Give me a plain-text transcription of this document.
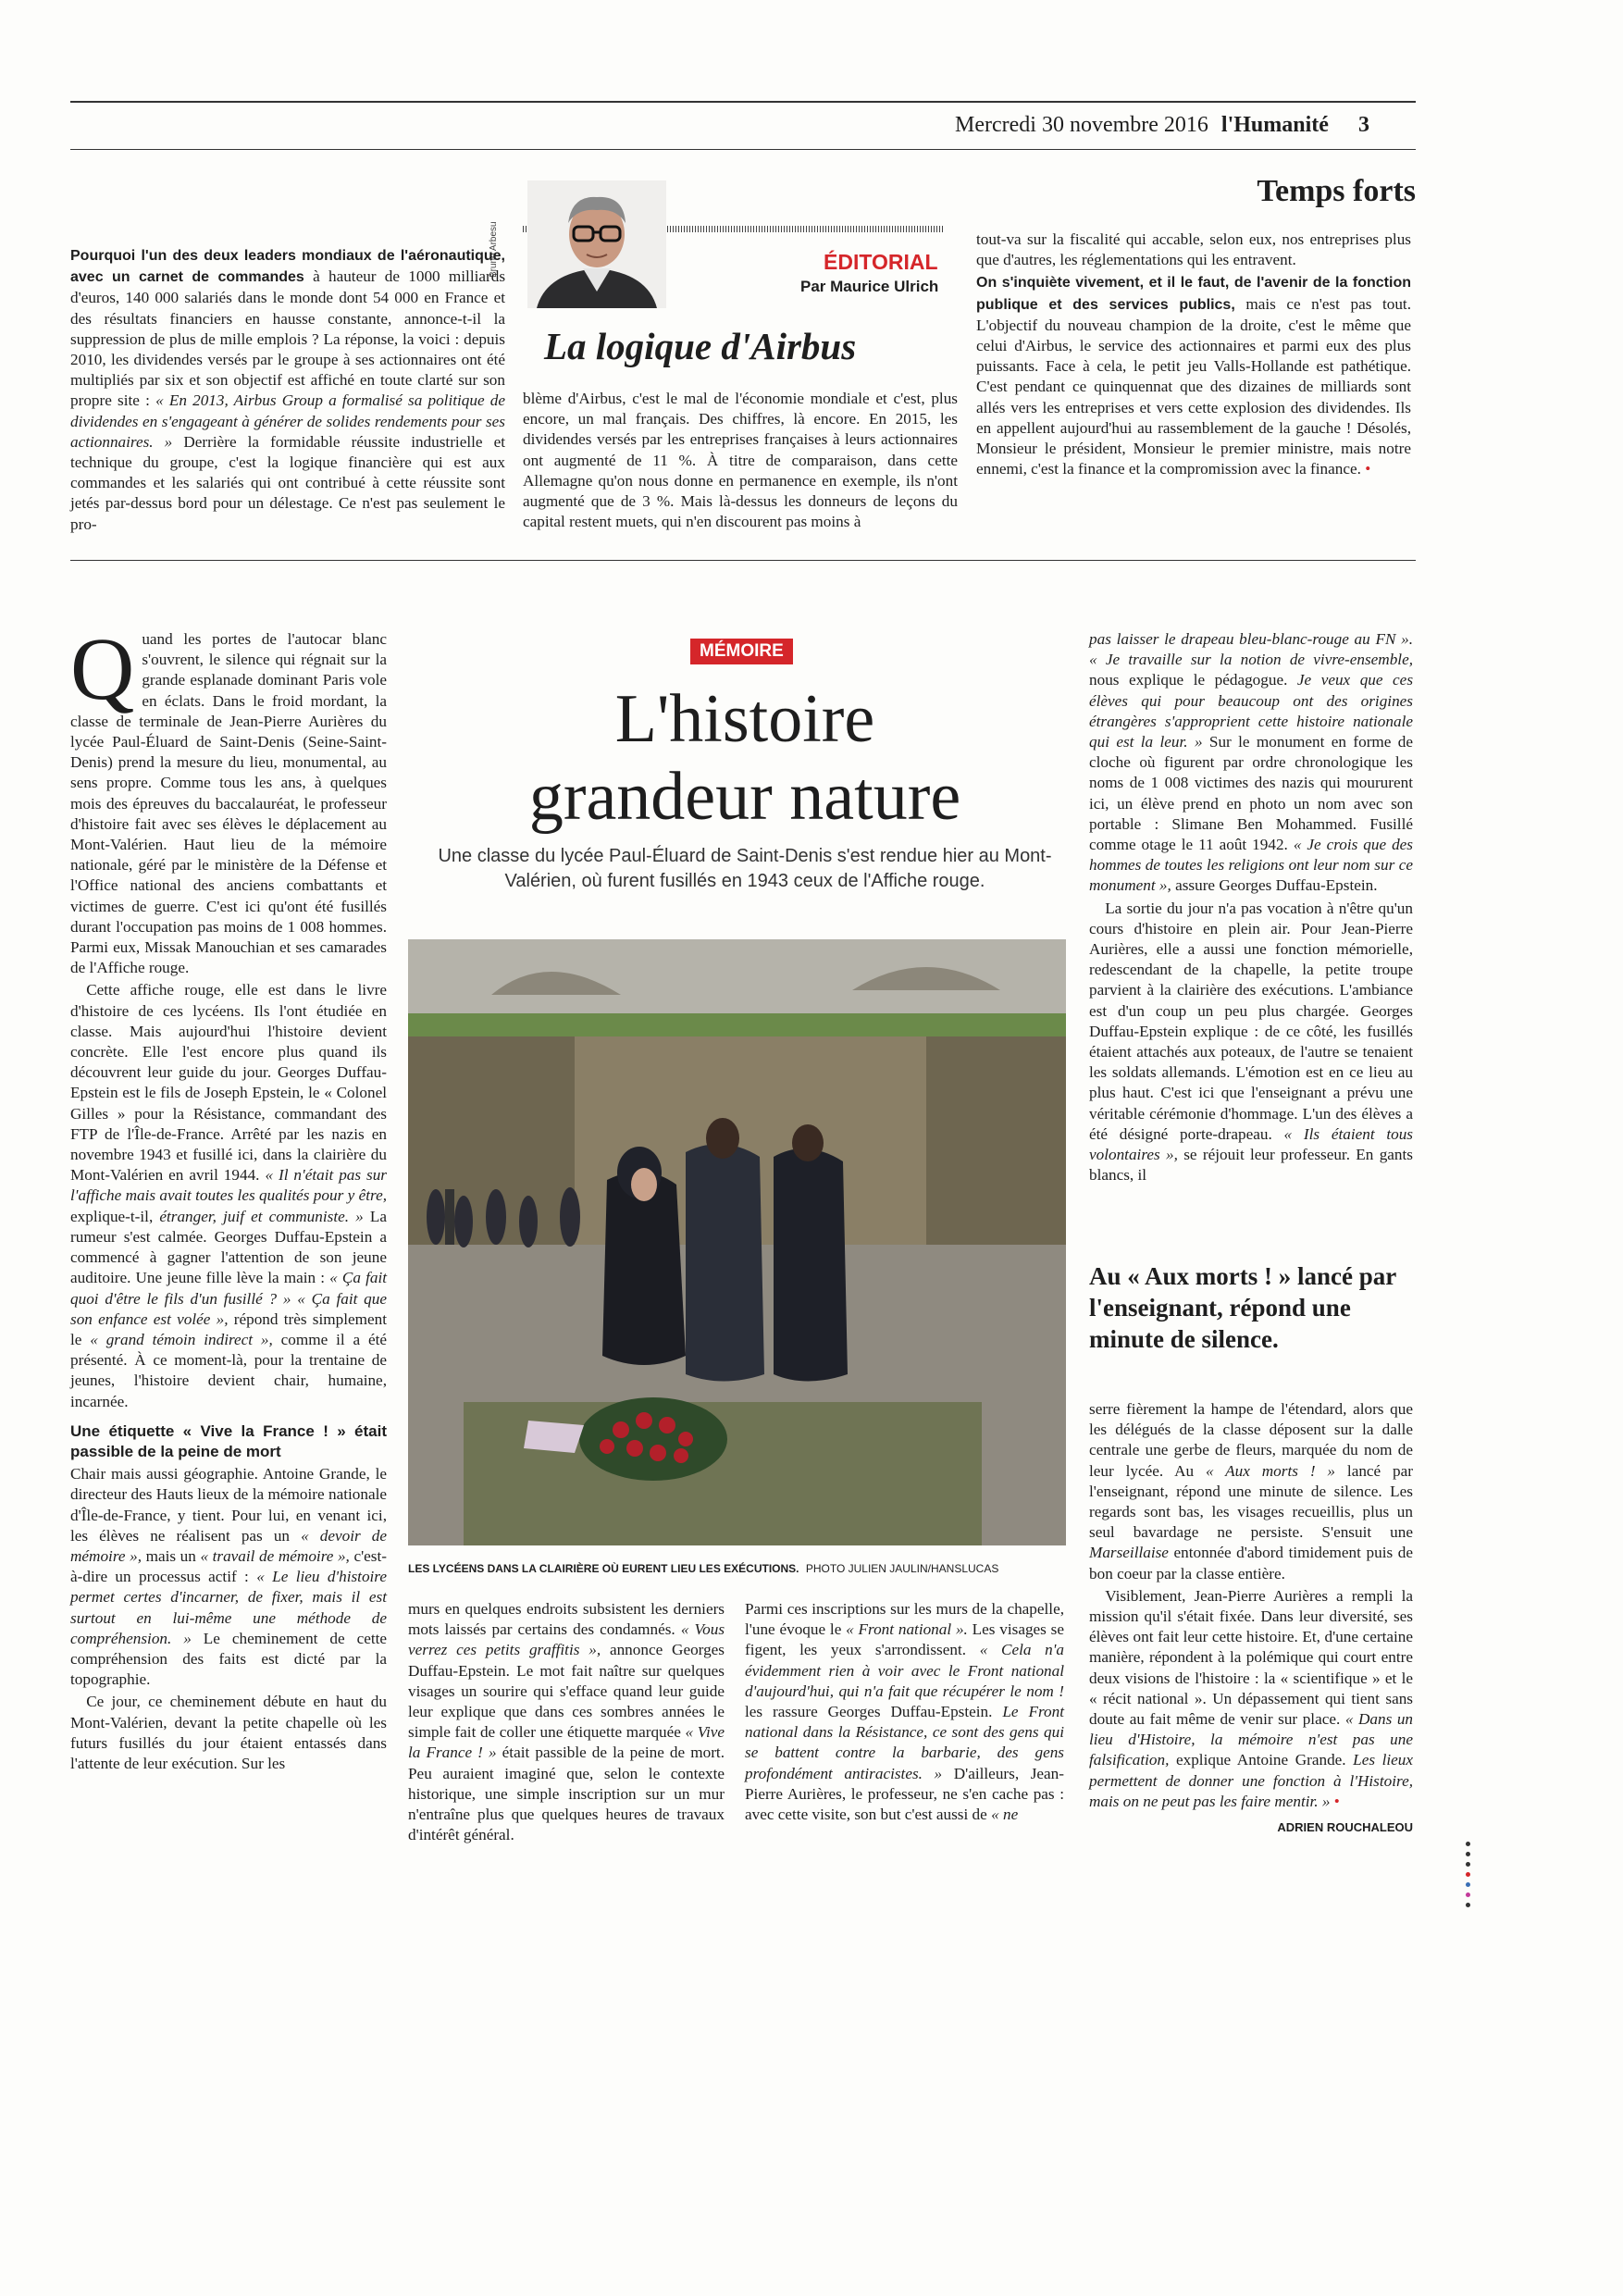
Mercredi 30 novembre 2016 l'Humanité 3
Temps forts
Bruno Arbesu	ÉDITORIAL
Par Maurice Ulrich
La logique d'Airbus
Pourquoi l'un des deux leaders mondiaux de l'aéronautique, avec un carnet de commandes à hauteur de 1000 milliards d'euros, 140 000 salariés dans le monde dont 54 000 en France et des résultats financiers en hausse constante, annonce-t-il la suppression de plus de mille emplois ? La réponse, la voici : depuis 2010, les dividendes versés par le groupe à ses actionnaires ont été multipliés par six et son objectif est affiché en toute clarté sur son propre site : « En 2013, Airbus Group a formalisé sa politique de dividendes en s'engageant à générer de solides rendements pour ses actionnaires. » Derrière la formidable réussite industrielle et technique du groupe, c'est la logique financière qui est aux commandes et les salariés qui ont contribué à cette réussite sont jetés par-dessus bord pour un délestage. Ce n'est pas seulement le pro-
blème d'Airbus, c'est le mal de l'économie mondiale et c'est, plus encore, un mal français. Des chiffres, là encore. En 2015, les dividendes versés par les entreprises françaises à leurs actionnaires ont augmenté de 11 %. À titre de comparaison, dans cette Allemagne qu'on nous donne en permanence en exemple, ils n'ont augmenté que de 3 %. Mais là-dessus les donneurs de leçons du capital restent muets, qui n'en discourent pas moins à

tout-va sur la fiscalité qui accable, selon eux, nos entreprises plus que d'autres, les réglementations qui les entravent.

On s'inquiète vivement, et il le faut, de l'avenir de la fonction publique et des services publics, mais ce n'est pas tout. L'objectif du nouveau champion de la droite, c'est le même que celui d'Airbus, le service des actionnaires et parmi eux des plus puissants. Face à cela, le petit jeu Valls-Hollande est pathétique. C'est pendant ce quinquennat que des dizaines de milliards sont allés vers les entreprises et vers cette explosion des dividendes. Ils en appellent aujourd'hui au rassemblement de la gauche ! Désolés, Monsieur le président, Monsieur le premier ministre, mais notre ennemi, c'est la finance et la compromission avec la finance. •

MÉMOIRE
L'histoire
grandeur nature
Une classe du lycée Paul-Éluard de Saint-Denis s'est rendue hier au Mont-Valérien, où furent fusillés en 1943 ceux de l'Affiche rouge.
LES LYCÉENS DANS LA CLAIRIÈRE OÙ EURENT LIEU LES EXÉCUTIONS. PHOTO JULIEN JAULIN/HANSLUCAS

Quand les portes de l'autocar blanc s'ouvrent, le silence qui régnait sur la grande esplanade dominant Paris vole en éclats. Dans le froid mordant, la classe de terminale de Jean-Pierre Aurières du lycée Paul-Éluard de Saint-Denis (Seine-Saint-Denis) prend la mesure du lieu, monumental, au sens propre. Comme tous les ans, à quelques mois des épreuves du baccalauréat, le professeur d'histoire fait avec ses élèves le déplacement au Mont-Valérien. Haut lieu de la mémoire nationale, géré par le ministère de la Défense et l'Office national des anciens combattants et victimes de guerre. C'est ici qu'ont été fusillés durant l'occupation pas moins de 1 008 hommes. Parmi eux, Missak Manouchian et ses camarades de l'Affiche rouge.

 Cette affiche rouge, elle est dans le livre d'histoire de ces lycéens. Ils l'ont étudiée en classe. Mais aujourd'hui l'histoire devient concrète. Elle l'est encore plus quand ils découvrent leur guide du jour. Georges Duffau-Epstein est le fils de Joseph Epstein, le « Colonel Gilles » pour la Résistance, commandant des FTP de l'Île-de-France. Arrêté par les nazis en novembre 1943 et fusillé ici, dans la clairière du Mont-Valérien en avril 1944. « Il n'était pas sur l'affiche mais avait toutes les qualités pour y être, explique-t-il, étranger, juif et communiste. » La rumeur s'est calmée. Georges Duffau-Epstein a commencé à gagner l'attention de son jeune auditoire. Une jeune fille lève la main : « Ça fait quoi d'être le fils d'un fusillé ? » « Ça fait que son enfance est volée », répond très simplement le « grand témoin indirect », comme il a été présenté. À ce moment-là, pour la trentaine de jeunes, l'histoire devient chair, humaine, incarnée.

Une étiquette « Vive la France ! » était passible de la peine de mort

Chair mais aussi géographie. Antoine Grande, le directeur des Hauts lieux de la mémoire nationale d'Île-de-France, y tient. Pour lui, en venant ici, les élèves ne réalisent pas un « devoir de mémoire », mais un « travail de mémoire », c'est-à-dire un processus actif : « Le lieu d'histoire permet certes d'incarner, de fixer, mais il est surtout en lui-même une méthode de compréhension. » Le cheminement de cette compréhension des faits est dicté par la topographie.

 Ce jour, ce cheminement débute en haut du Mont-Valérien, devant la petite chapelle où les futurs fusillés du jour étaient entassés dans l'attente de leur exécution. Sur les

murs en quelques endroits subsistent les derniers mots laissés par certains des condamnés. « Vous verrez ces petits graffitis », annonce Georges Duffau-Epstein. Le mot fait naître sur quelques visages un sourire qui s'efface quand leur guide leur explique que dans ces sombres années le simple fait de coller une étiquette marquée « Vive la France ! » était passible de la peine de mort. Peu auraient imaginé que, selon le contexte historique, une simple inscription sur un mur n'entraîne plus que quelques heures de travaux d'intérêt général.
Parmi ces inscriptions sur les murs de la chapelle, l'une évoque le « Front national ». Les visages se figent, les yeux s'arrondissent. « Cela n'a évidemment rien à voir avec le Front national d'aujourd'hui, qui n'a fait que récupérer le nom ! les rassure Georges Duffau-Epstein. Le Front national dans la Résistance, ce sont des gens qui se battent contre la barbarie, des gens profondément antiracistes. » D'ailleurs, Jean-Pierre Aurières, le professeur, ne s'en cache pas : avec cette visite, son but c'est aussi de « ne

pas laisser le drapeau bleu-blanc-rouge au FN ». « Je travaille sur la notion de vivre-ensemble, nous explique le pédagogue. Je veux que ces élèves qui pour beaucoup ont des origines étrangères s'approprient cette histoire nationale qui est la leur. » Sur le monument en forme de cloche où figurent par ordre chronologique les noms de 1 008 victimes des nazis qui moururent ici, un élève prend en photo un nom avec son portable : Slimane Ben Mohammed. Fusillé comme otage le 11 août 1942. « Je crois que des hommes de toutes les religions ont leur nom sur ce monument », assure Georges Duffau-Epstein.

 La sortie du jour n'a pas vocation à n'être qu'un cours d'histoire en plein air. Pour Jean-Pierre Aurières, elle a aussi une fonction mémorielle, redescendant de la chapelle, la petite troupe parvient à la clairière des exécutions. L'ambiance est d'un coup un peu plus chargée. Georges Duffau-Epstein explique : de ce côté, les fusillés étaient attachés aux poteaux, de l'autre se tenaient les soldats allemands. L'émotion est en ce lieu au plus haut. C'est ici que l'enseignant a prévu une véritable cérémonie d'hommage. L'un des élèves a été désigné porte-drapeau. « Ils étaient tous volontaires », se réjouit leur professeur. En gants blancs, il

Au « Aux morts ! » lancé par l'enseignant, répond une minute de silence.

serre fièrement la hampe de l'étendard, alors que les délégués de la classe déposent sur la dalle centrale une gerbe de fleurs, marquée du nom de leur lycée. Au « Aux morts ! » lancé par l'enseignant, répond une minute de silence. Les regards sont bas, les visages recueillis, plus un seul bavardage ne persiste. S'ensuit une Marseillaise entonnée d'abord timidement puis de bon coeur par la classe entière.

 Visiblement, Jean-Pierre Aurières a rempli la mission qu'il s'était fixée. Dans leur diversité, ses élèves ont fait leur cette histoire. Et, d'une certaine manière, répondent à la polémique qui court entre deux visions de l'histoire : la « scientifique » et le « récit national ». Un dépassement qui tient sans doute au fait même de venir sur place. « Dans un lieu d'Histoire, la mémoire n'est pas une falsification, explique Antoine Grande. Les lieux permettent de donner une fonction à l'Histoire, mais on ne peut pas les faire mentir. » •

ADRIEN ROUCHALEOU
